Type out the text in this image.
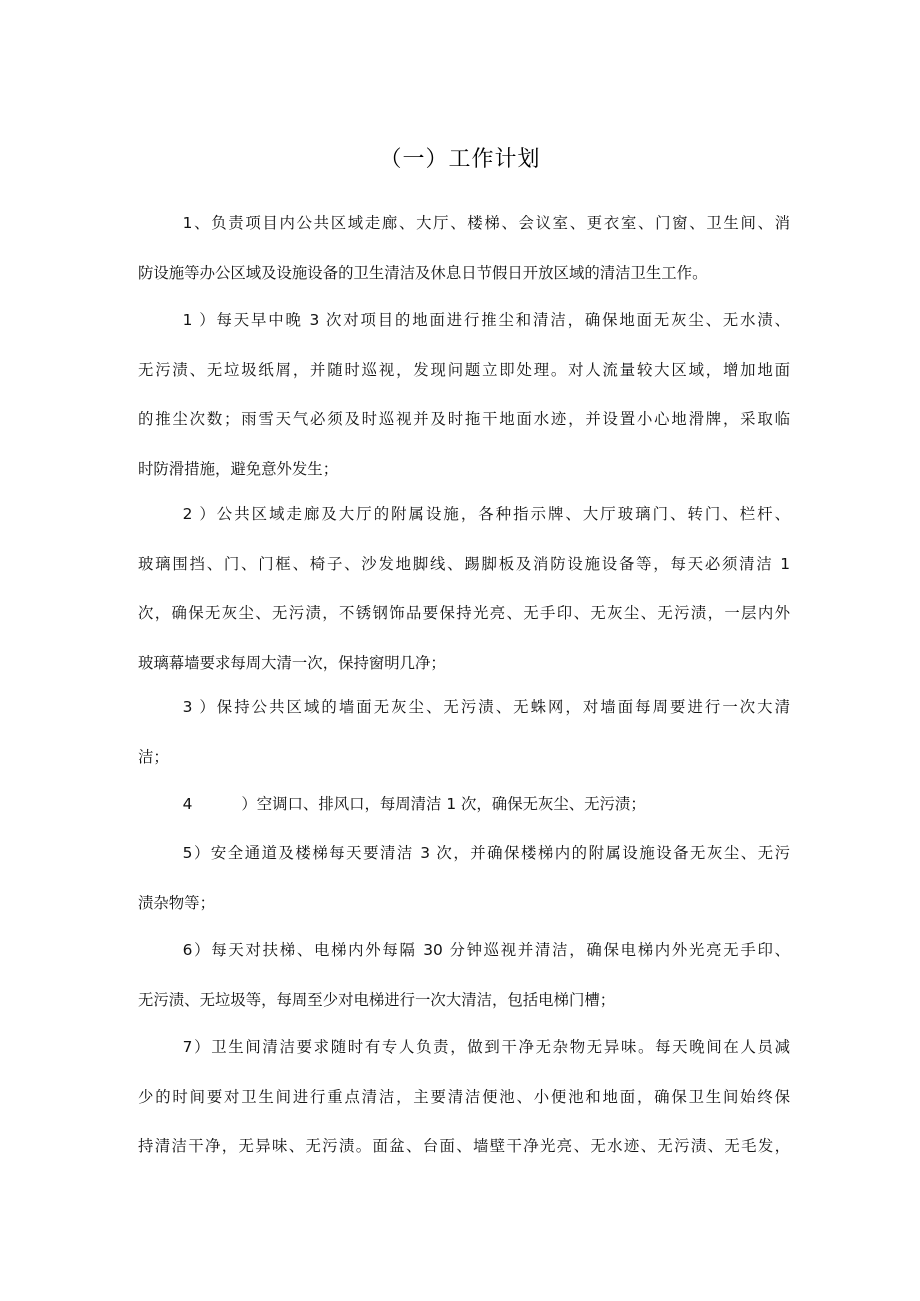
（一）工作计划
1、负责项目内公共区域走廊、大厅、楼梯、会议室、更衣室、门窗、卫生间、消
防设施等办公区域及设施设备的卫生清洁及休息日节假日开放区域的清洁卫生工作。
1 ）每天早中晚 3 次对项目的地面进行推尘和清洁，确保地面无灰尘、无水渍、
无污渍、无垃圾纸屑，并随时巡视，发现问题立即处理。对人流量较大区域，增加地面
的推尘次数；雨雪天气必须及时巡视并及时拖干地面水迹，并设置小心地滑牌，采取临
时防滑措施，避免意外发生；
2 ）公共区域走廊及大厅的附属设施，各种指示牌、大厅玻璃门、转门、栏杆、
玻璃围挡、门、门框、椅子、沙发地脚线、踢脚板及消防设施设备等，每天必须清洁 1
次，确保无灰尘、无污渍，不锈钢饰品要保持光亮、无手印、无灰尘、无污渍，一层内外
玻璃幕墙要求每周大清一次，保持窗明几净；
3 ）保持公共区域的墙面无灰尘、无污渍、无蛛网，对墙面每周要进行一次大清
洁；
4          ）空调口、排风口，每周清洁 1 次，确保无灰尘、无污渍；
5）安全通道及楼梯每天要清洁 3 次，并确保楼梯内的附属设施设备无灰尘、无污
渍杂物等；
6）每天对扶梯、电梯内外每隔 30 分钟巡视并清洁，确保电梯内外光亮无手印、
无污渍、无垃圾等，每周至少对电梯进行一次大清洁，包括电梯门槽；
7）卫生间清洁要求随时有专人负责，做到干净无杂物无异味。每天晚间在人员减
少的时间要对卫生间进行重点清洁，主要清洁便池、小便池和地面，确保卫生间始终保
持清洁干净，无异味、无污渍。面盆、台面、墙壁干净光亮、无水迹、无污渍、无毛发，
